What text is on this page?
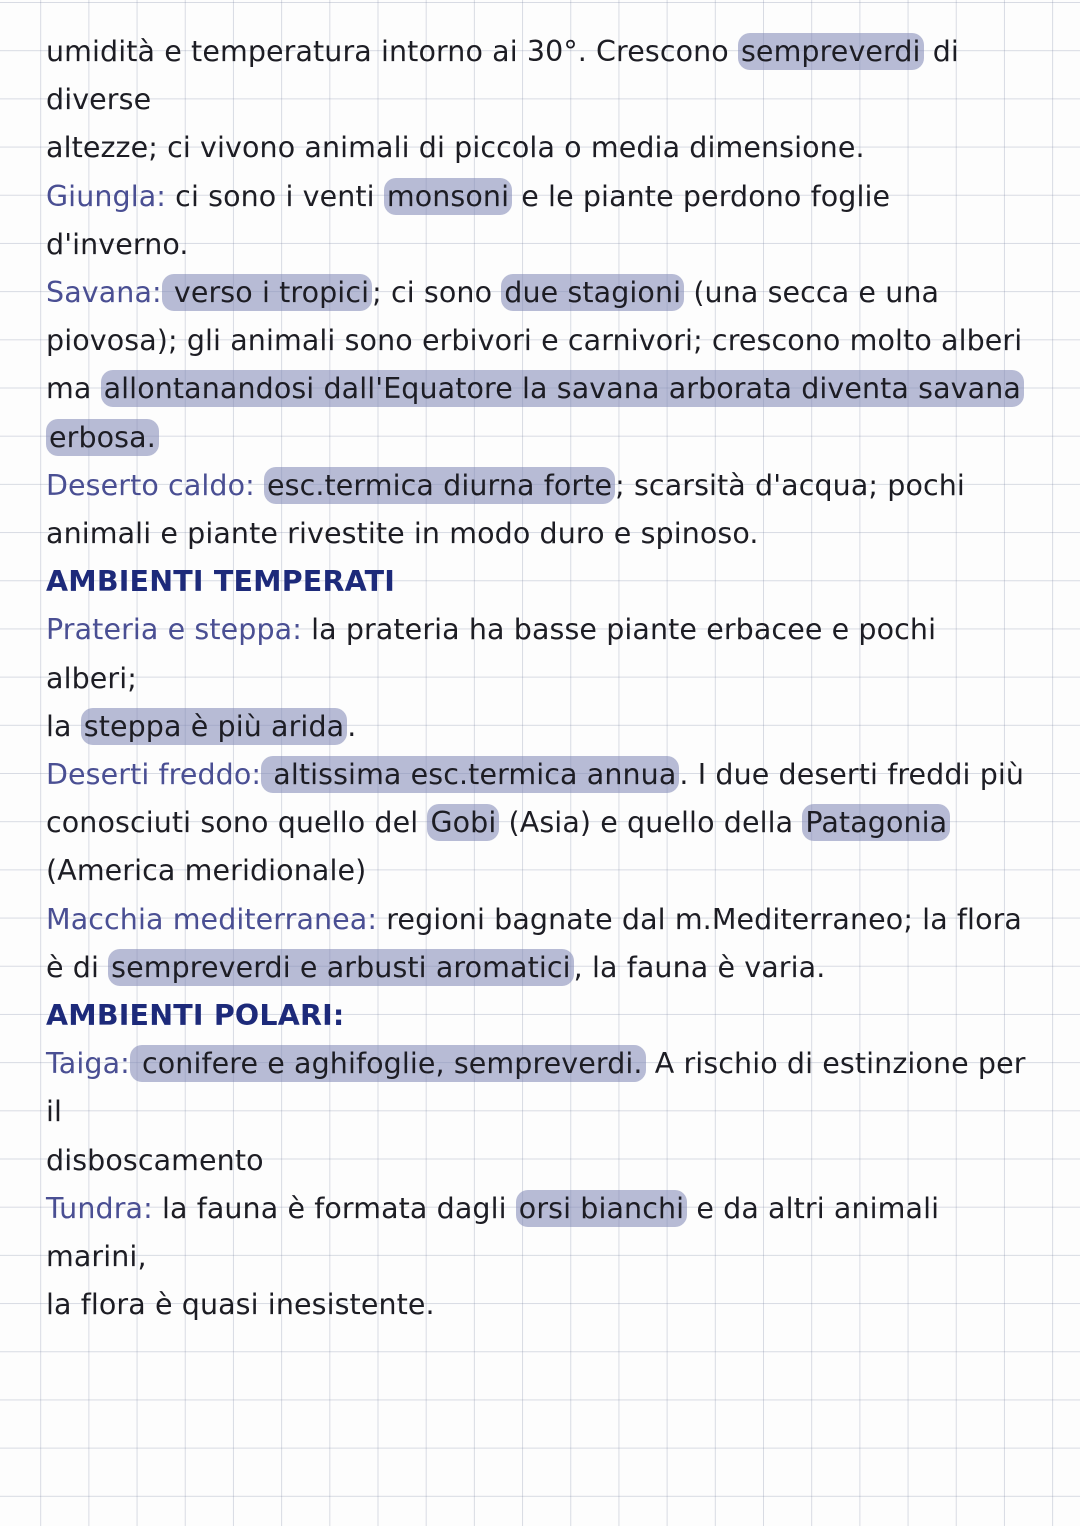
umidità e temperatura intorno ai 30°. Crescono sempreverdi di diverse
altezze; ci vivono animali di piccola o media dimensione.
Giungla: ci sono i venti monsoni e le piante perdono foglie d'inverno.
Savana: verso i tropici ; ci sono due stagioni (una secca e una
piovosa); gli animali sono erbivori e carnivori; crescono molto alberi
ma allontanandosi dall'Equatore la savana arborata diventa savana
erbosa.
Deserto caldo: esc.termica diurna forte ; scarsità d'acqua; pochi
animali e piante rivestite in modo duro e spinoso.
AMBIENTI TEMPERATI
Prateria e steppa: la prateria ha basse piante erbacee e pochi alberi;
la steppa è più arida .
Deserti freddo: altissima esc.termica annua . I due deserti freddi più
conosciuti sono quello del Gobi (Asia) e quello della Patagonia
(America meridionale)
Macchia mediterranea: regioni bagnate dal m.Mediterraneo; la flora
è di sempreverdi e arbusti aromatici , la fauna è varia.
AMBIENTI POLARI:
Taiga: conifere e aghifoglie, sempreverdi. A rischio di estinzione per il
disboscamento
Tundra: la fauna è formata dagli orsi bianchi e da altri animali marini,
la flora è quasi inesistente.
